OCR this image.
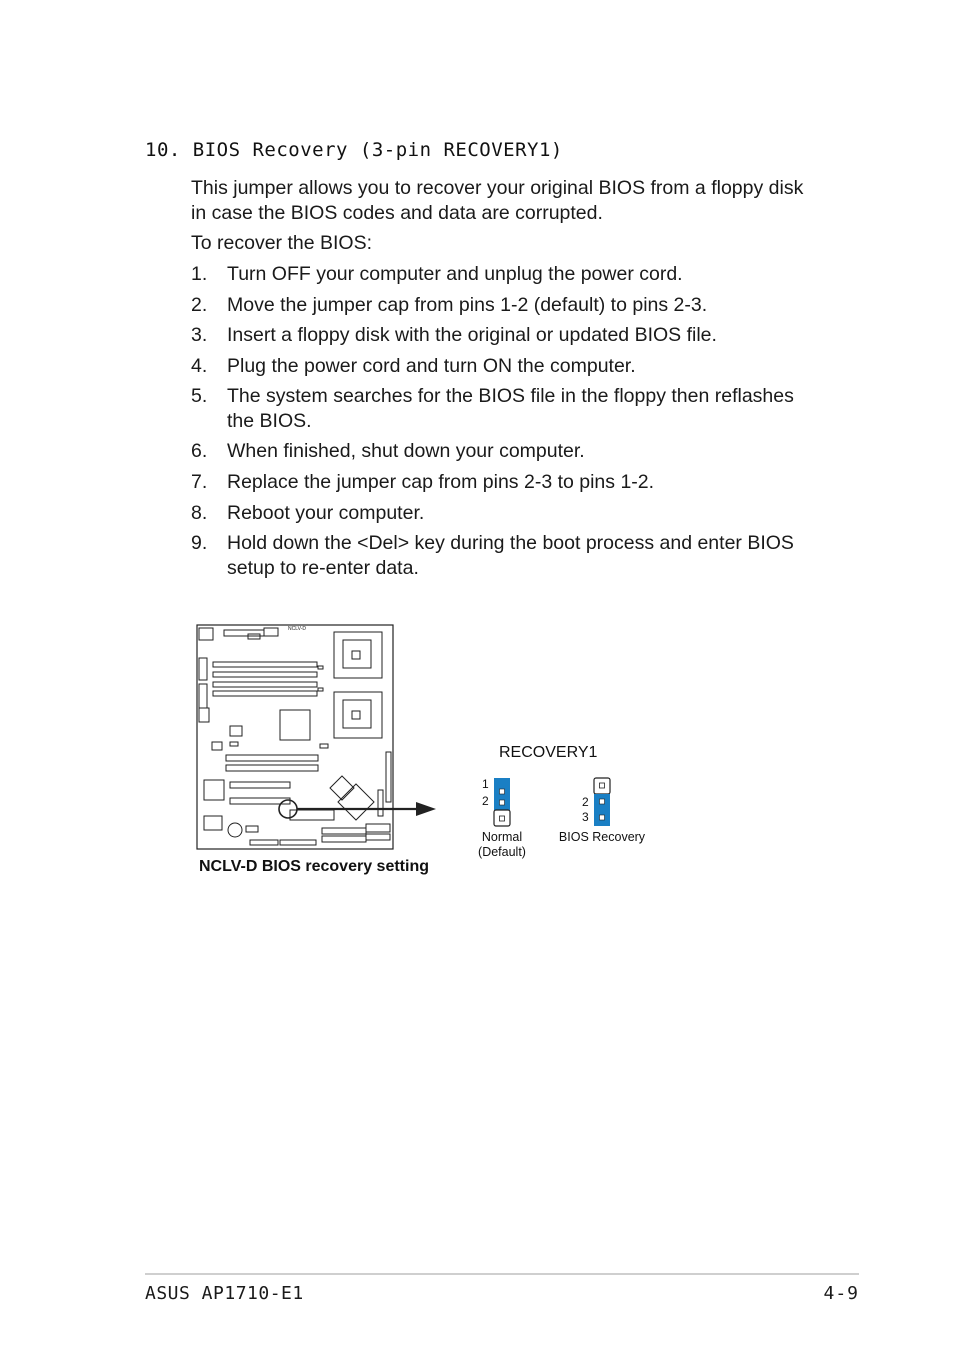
10. BIOS Recovery (3-pin RECOVERY1)
This jumper allows you to recover your original BIOS from a floppy disk in case the BIOS codes and data are corrupted.
To recover the BIOS:
1.	Turn OFF your computer and unplug the power cord.
2.	Move the jumper cap from pins 1-2 (default) to pins 2-3.
3.	Insert a floppy disk with the original or updated BIOS file.
4.	Plug the power cord and turn ON the computer.
5.	The system searches for the BIOS file in the floppy then reflashes the BIOS.
6.	When finished, shut down your computer.
7.	Replace the jumper cap from pins 2-3 to pins 1-2.
8.	Reboot your computer.
9.	Hold down the <Del> key during the boot process and enter BIOS setup to re-enter data.
NCLV-D
NCLV-D BIOS recovery setting
RECOVERY1
1
2
Normal
(Default)
2
3
BIOS Recovery
ASUS AP1710-E1	4-9
